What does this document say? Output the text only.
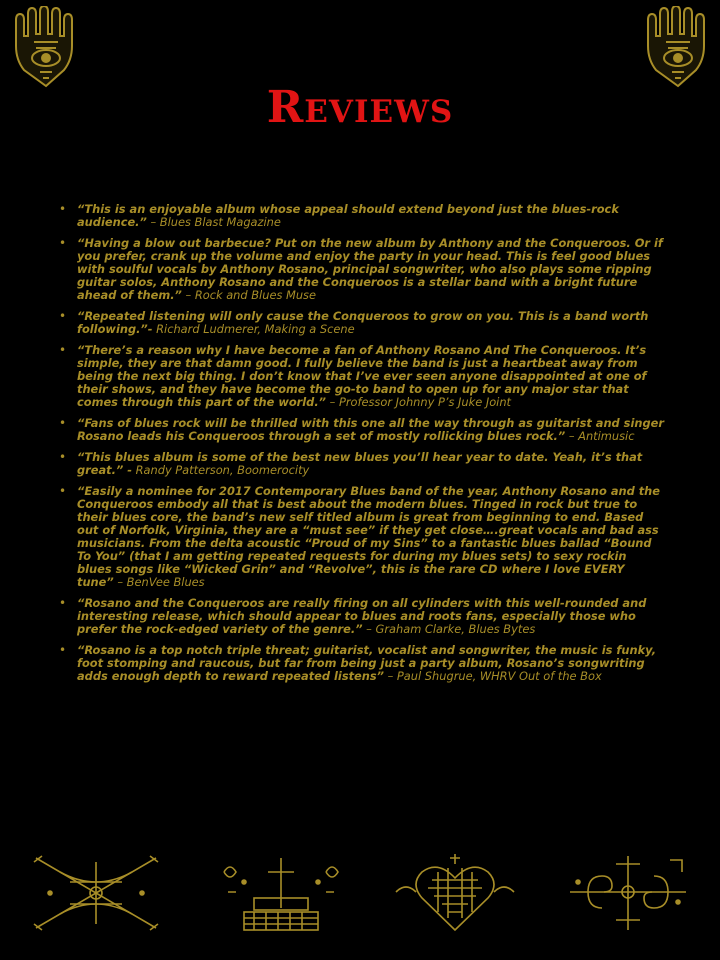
Reviews
• “This is an enjoyable album whose appeal should extend beyond just the blues-rock audience.” – Blues Blast Magazine
• “Having a blow out barbecue? Put on the new album by Anthony and the Conqueroos. Or if you prefer, crank up the volume and enjoy the party in your head. This is feel good blues with soulful vocals by Anthony Rosano, principal songwriter, who also plays some ripping guitar solos, Anthony Rosano and the Conqueroos is a stellar band with a bright future ahead of them.” – Rock and Blues Muse
• “Repeated listening will only cause the Conqueroos to grow on you. This is a band worth following.”- Richard Ludmerer, Making a Scene
• “There’s a reason why I have become a fan of Anthony Rosano And The Conqueroos. It’s simple, they are that damn good. I fully believe the band is just a heartbeat away from being the next big thing. I don’t know that I’ve ever seen anyone disappointed at one of their shows, and they have become the go-to band to open up for any major star that comes through this part of the world.” – Professor Johnny P’s Juke Joint
• “Fans of blues rock will be thrilled with this one all the way through as guitarist and singer Rosano leads his Conqueroos through a set of mostly rollicking blues rock.” – Antimusic
• “This blues album is some of the best new blues you’ll hear year to date. Yeah, it’s that great.” - Randy Patterson, Boomerocity
• “Easily a nominee for 2017 Contemporary Blues band of the year, Anthony Rosano and the Conqueroos embody all that is best about the modern blues. Tinged in rock but true to their blues core, the band’s new self titled album is great from beginning to end. Based out of Norfolk, Virginia, they are a “must see” if they get close….great vocals and bad ass musicians. From the delta acoustic “Proud of my Sins” to a fantastic blues ballad “Bound To You” (that I am getting repeated requests for during my blues sets) to sexy rockin blues songs like “Wicked Grin” and “Revolve”, this is the rare CD where I love EVERY tune” – BenVee Blues
• “Rosano and the Conqueroos are really firing on all cylinders with this well-rounded and interesting release, which should appear to blues and roots fans, especially those who prefer the rock-edged variety of the genre.” – Graham Clarke, Blues Bytes
• “Rosano is a top notch triple threat; guitarist, vocalist and songwriter, the music is funky, foot stomping and raucous, but far from being just a party album, Rosano’s songwriting adds enough depth to reward repeated listens” – Paul Shugrue, WHRV Out of the Box
